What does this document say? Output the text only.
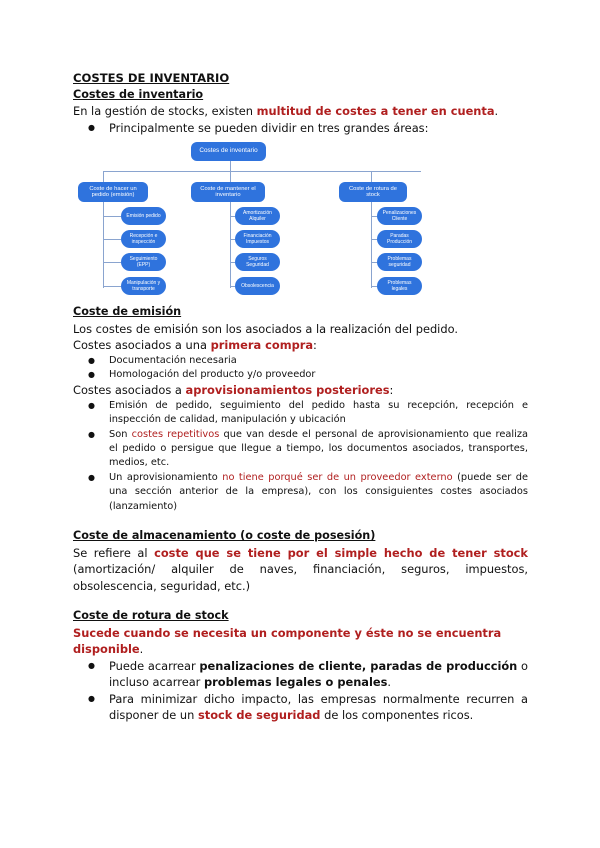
COSTES DE INVENTARIO

Costes de inventario

En la gestión de stocks, existen multitud de costes a tener en cuenta.

● Principalmente se pueden dividir en tres grandes áreas:

Coste de emisión

Los costes de emisión son los asociados a la realización del pedido.

Costes asociados a una primera compra:

● Documentación necesaria
● Homologación del producto y/o proveedor

Costes asociados a aprovisionamientos posteriores:

● Emisión de pedido, seguimiento del pedido hasta su recepción, recepción e inspección de calidad, manipulación y ubicación
● Son costes repetitivos que van desde el personal de aprovisionamiento que realiza el pedido o persigue que llegue a tiempo, los documentos asociados, transportes, medios, etc.
● Un aprovisionamiento no tiene porqué ser de un proveedor externo (puede ser de una sección anterior de la empresa), con los consiguientes costes asociados (lanzamiento)

Coste de almacenamiento (o coste de posesión)

Se refiere al coste que se tiene por el simple hecho de tener stock (amortización/ alquiler de naves, financiación, seguros, impuestos, obsolescencia, seguridad, etc.)

Coste de rotura de stock

Sucede cuando se necesita un componente y éste no se encuentra disponible.

● Puede acarrear penalizaciones de cliente, paradas de producción o incluso acarrear problemas legales o penales.
● Para minimizar dicho impacto, las empresas normalmente recurren a disponer de un stock de seguridad de los componentes ricos.
Costes de inventario
Coste de hacer un pedido (emisión)
Coste de mantener el inventario
Coste de rotura de stock
Emisión pedido
Recepción e inspección
Seguimiento (EPP)
Manipulación y transporte
Amortización Alquiler
Financiación Impuestos
Seguros Seguridad
Obsolescencia
Penalizaciones Cliente
Paradas Producción
Problemas seguridad
Problemas legales
